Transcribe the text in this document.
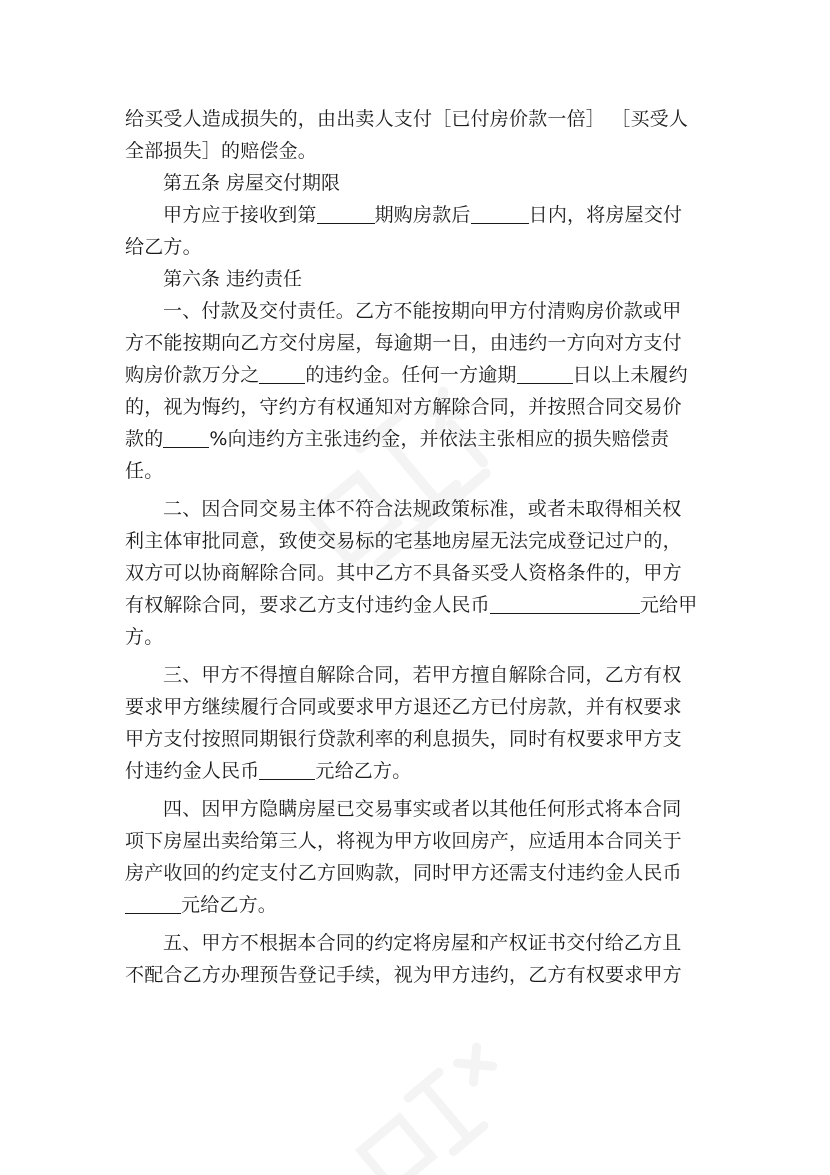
给买受人造成损失的，由出卖人支付［已付房价款一倍］ ［买受人全部损失］的赔偿金。

第五条 房屋交付期限

甲方应于接收到第	期购房款后	日内，将房屋交付给乙方。

第六条 违约责任

一、付款及交付责任。乙方不能按期向甲方付清购房价款或甲方不能按期向乙方交付房屋，每逾期一日，由违约一方向对方支付购房价款万分之 的违约金。任何一方逾期	日以上未履约的，视为悔约，守约方有权通知对方解除合同，并按照合同交易价款的 %向违约方主张违约金，并依法主张相应的损失赔偿责任。

二、因合同交易主体不符合法规政策标准，或者未取得相关权利主体审批同意，致使交易标的宅基地房屋无法完成登记过户的，双方可以协商解除合同。其中乙方不具备买受人资格条件的，甲方有权解除合同，要求乙方支付违约金人民币	元给甲方。

三、甲方不得擅自解除合同，若甲方擅自解除合同，乙方有权要求甲方继续履行合同或要求甲方退还乙方已付房款，并有权要求甲方支付按照同期银行贷款利率的利息损失，同时有权要求甲方支付违约金人民币	元给乙方。

四、因甲方隐瞒房屋已交易事实或者以其他任何形式将本合同项下房屋出卖给第三人，将视为甲方收回房产，应适用本合同关于房产收回的约定支付乙方回购款，同时甲方还需支付违约金人民币元给乙方。

五、甲方不根据本合同的约定将房屋和产权证书交付给乙方且不配合乙方办理预告登记手续，视为甲方违约，乙方有权要求甲方
